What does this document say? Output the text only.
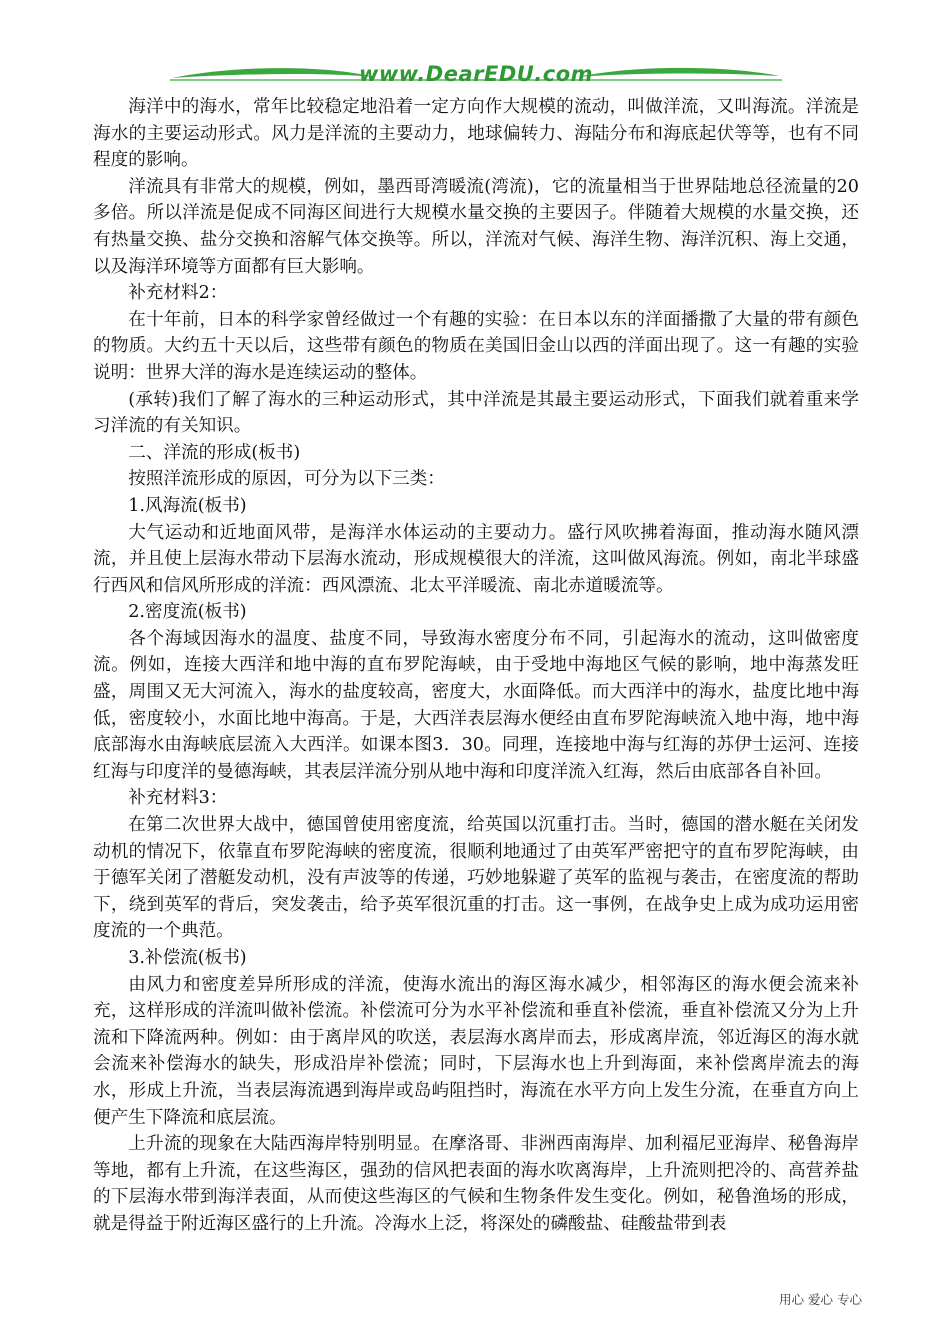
www.DearEDU.com

海洋中的海水，常年比较稳定地沿着一定方向作大规模的流动，叫做洋流，又叫海流。洋流是海水的主要运动形式。风力是洋流的主要动力，地球偏转力、海陆分布和海底起伏等等，也有不同程度的影响。

洋流具有非常大的规模，例如，墨西哥湾暖流(湾流)，它的流量相当于世界陆地总径流量的20多倍。所以洋流是促成不同海区间进行大规模水量交换的主要因子。伴随着大规模的水量交换，还有热量交换、盐分交换和溶解气体交换等。所以，洋流对气候、海洋生物、海洋沉积、海上交通，以及海洋环境等方面都有巨大影响。

补充材料2：

在十年前，日本的科学家曾经做过一个有趣的实验：在日本以东的洋面播撒了大量的带有颜色的物质。大约五十天以后，这些带有颜色的物质在美国旧金山以西的洋面出现了。这一有趣的实验说明：世界大洋的海水是连续运动的整体。

(承转)我们了解了海水的三种运动形式，其中洋流是其最主要运动形式，下面我们就着重来学习洋流的有关知识。

二、洋流的形成(板书)

按照洋流形成的原因，可分为以下三类：

1.风海流(板书)

大气运动和近地面风带，是海洋水体运动的主要动力。盛行风吹拂着海面，推动海水随风漂流，并且使上层海水带动下层海水流动，形成规模很大的洋流，这叫做风海流。例如，南北半球盛行西风和信风所形成的洋流：西风漂流、北太平洋暖流、南北赤道暖流等。

2.密度流(板书)

各个海域因海水的温度、盐度不同，导致海水密度分布不同，引起海水的流动，这叫做密度流。例如，连接大西洋和地中海的直布罗陀海峡，由于受地中海地区气候的影响，地中海蒸发旺盛，周围又无大河流入，海水的盐度较高，密度大，水面降低。而大西洋中的海水，盐度比地中海低，密度较小，水面比地中海高。于是，大西洋表层海水便经由直布罗陀海峡流入地中海，地中海底部海水由海峡底层流入大西洋。如课本图3．30。同理，连接地中海与红海的苏伊士运河、连接红海与印度洋的曼德海峡，其表层洋流分别从地中海和印度洋流入红海，然后由底部各自补回。

补充材料3：

在第二次世界大战中，德国曾使用密度流，给英国以沉重打击。当时，德国的潜水艇在关闭发动机的情况下，依靠直布罗陀海峡的密度流，很顺利地通过了由英军严密把守的直布罗陀海峡，由于德军关闭了潜艇发动机，没有声波等的传递，巧妙地躲避了英军的监视与袭击，在密度流的帮助下，绕到英军的背后，突发袭击，给予英军很沉重的打击。这一事例，在战争史上成为成功运用密度流的一个典范。

3.补偿流(板书)

由风力和密度差异所形成的洋流，使海水流出的海区海水减少，相邻海区的海水便会流来补充，这样形成的洋流叫做补偿流。补偿流可分为水平补偿流和垂直补偿流，垂直补偿流又分为上升流和下降流两种。例如：由于离岸风的吹送，表层海水离岸而去，形成离岸流，邻近海区的海水就会流来补偿海水的缺失，形成沿岸补偿流；同时，下层海水也上升到海面，来补偿离岸流去的海水，形成上升流，当表层海流遇到海岸或岛屿阻挡时，海流在水平方向上发生分流，在垂直方向上便产生下降流和底层流。

上升流的现象在大陆西海岸特别明显。在摩洛哥、非洲西南海岸、加利福尼亚海岸、秘鲁海岸等地，都有上升流，在这些海区，强劲的信风把表面的海水吹离海岸，上升流则把冷的、高营养盐的下层海水带到海洋表面，从而使这些海区的气候和生物条件发生变化。例如，秘鲁渔场的形成，就是得益于附近海区盛行的上升流。冷海水上泛，将深处的磷酸盐、硅酸盐带到表

用心 爱心 专心
